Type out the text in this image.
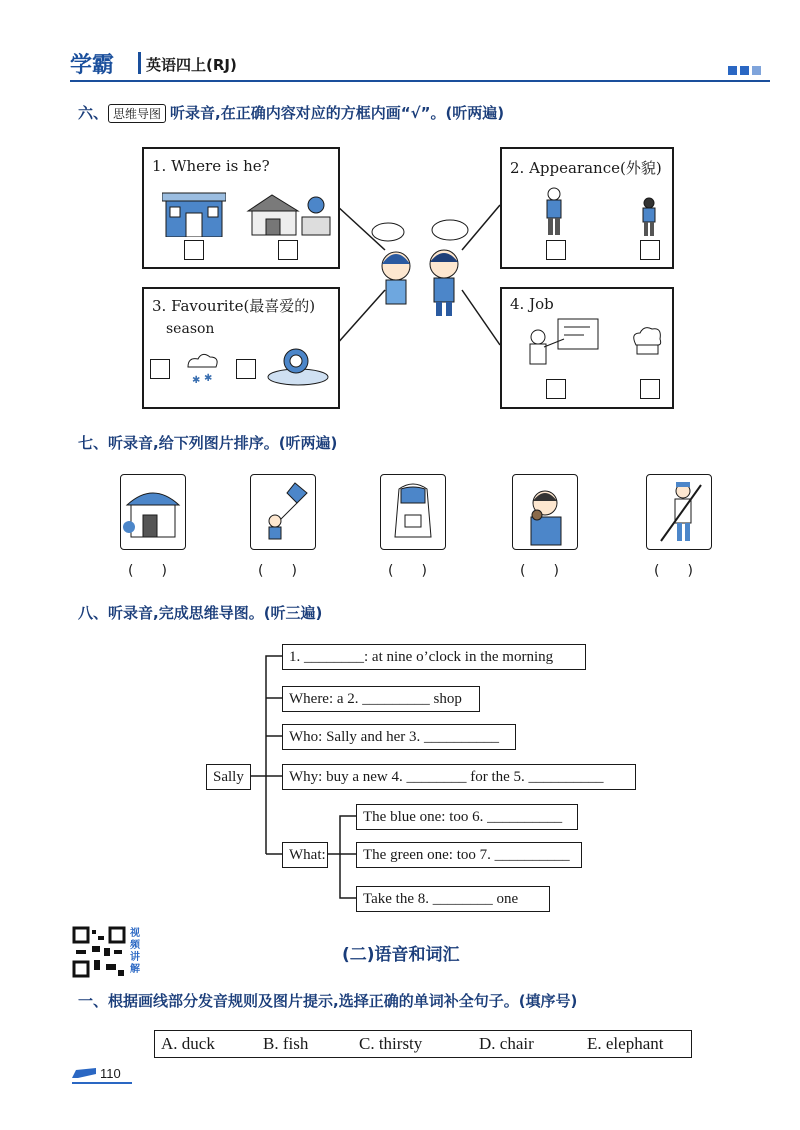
学霸 英语四上(RJ)
六、 思维导图 听录音,在正确内容对应的方框内画“√”。(听两遍)
1. Where is he?	2. Appearance(外貌)
3. Favourite(最喜爱的)
season
✱ ✱
4. Job
七、听录音,给下列图片排序。(听两遍)
(　　)	(　　)	(　　)	(　　)	(　　)
八、听录音,完成思维导图。(听三遍)
Sally
1. ________: at nine o’clock in the morning
Where: a 2. _________ shop
Who: Sally and her 3. __________
Why: buy a new 4. ________ for the 5. __________
What:
The blue one: too 6. __________
The green one: too 7. __________
Take the 8. ________ one
视频讲解
(二)语音和词汇
一、根据画线部分发音规则及图片提示,选择正确的单词补全句子。(填序号)
A. duck	B. fish	C. thirsty	D. chair	E. elephant
110
